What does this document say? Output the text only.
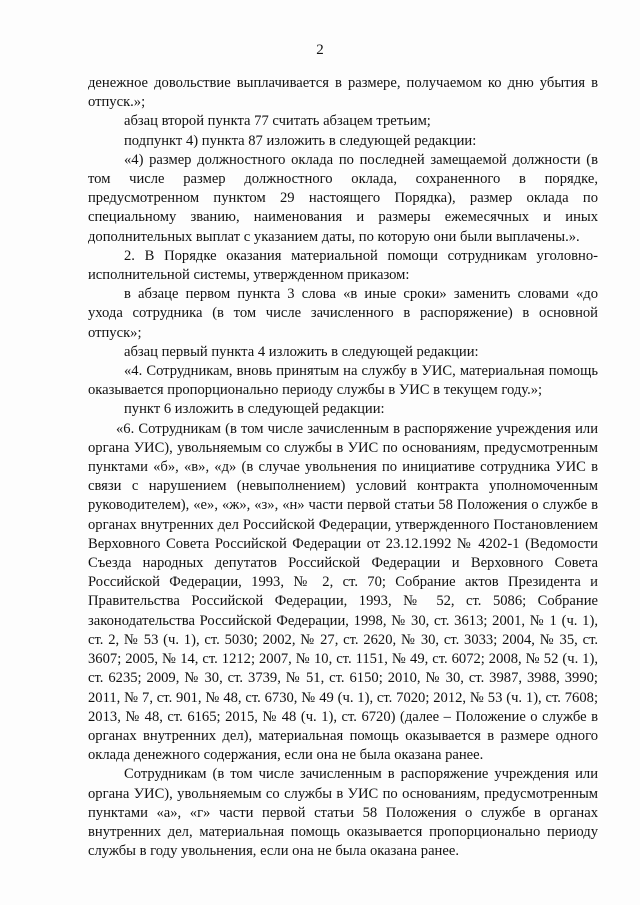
2

денежное довольствие выплачивается в размере, получаемом ко дню убытия в отпуск.»;

абзац второй пункта 77 считать абзацем третьим;

подпункт 4) пункта 87 изложить в следующей редакции:

«4) размер должностного оклада по последней замещаемой должности (в том числе размер должностного оклада, сохраненного в порядке, предусмотренном пунктом 29 настоящего Порядка), размер оклада по специальному званию, наименования и размеры ежемесячных и иных дополнительных выплат с указанием даты, по которую они были выплачены.».

2. В Порядке оказания материальной помощи сотрудникам уголовно-исполнительной системы, утвержденном приказом:

в абзаце первом пункта 3 слова «в иные сроки» заменить словами «до ухода сотрудника (в том числе зачисленного в распоряжение) в основной отпуск»;

абзац первый пункта 4 изложить в следующей редакции:

«4. Сотрудникам, вновь принятым на службу в УИС, материальная помощь оказывается пропорционально периоду службы в УИС в текущем году.»;

пункт 6 изложить в следующей редакции:

«6. Сотрудникам (в том числе зачисленным в распоряжение учреждения или органа УИС), увольняемым со службы в УИС по основаниям, предусмотренным пунктами «б», «в», «д» (в случае увольнения по инициативе сотрудника УИС в связи с нарушением (невыполнением) условий контракта уполномоченным руководителем), «е», «ж», «з», «н» части первой статьи 58 Положения о службе в органах внутренних дел Российской Федерации, утвержденного Постановлением Верховного Совета Российской Федерации от 23.12.1992 № 4202-1 (Ведомости Съезда народных депутатов Российской Федерации и Верховного Совета Российской Федерации, 1993, № 2, ст. 70; Собрание актов Президента и Правительства Российской Федерации, 1993, № 52, ст. 5086; Собрание законодательства Российской Федерации, 1998, № 30, ст. 3613; 2001, № 1 (ч. 1), ст. 2, № 53 (ч. 1), ст. 5030; 2002, № 27, ст. 2620, № 30, ст. 3033; 2004, № 35, ст. 3607; 2005, № 14, ст. 1212; 2007, № 10, ст. 1151, № 49, ст. 6072; 2008, № 52 (ч. 1), ст. 6235; 2009, № 30, ст. 3739, № 51, ст. 6150; 2010, № 30, ст. 3987, 3988, 3990; 2011, № 7, ст. 901, № 48, ст. 6730, № 49 (ч. 1), ст. 7020; 2012, № 53 (ч. 1), ст. 7608; 2013, № 48, ст. 6165; 2015, № 48 (ч. 1), ст. 6720) (далее – Положение о службе в органах внутренних дел), материальная помощь оказывается в размере одного оклада денежного содержания, если она не была оказана ранее.

Сотрудникам (в том числе зачисленным в распоряжение учреждения или органа УИС), увольняемым со службы в УИС по основаниям, предусмотренным пунктами «а», «г» части первой статьи 58 Положения о службе в органах внутренних дел, материальная помощь оказывается пропорционально периоду службы в году увольнения, если она не была оказана ранее.
